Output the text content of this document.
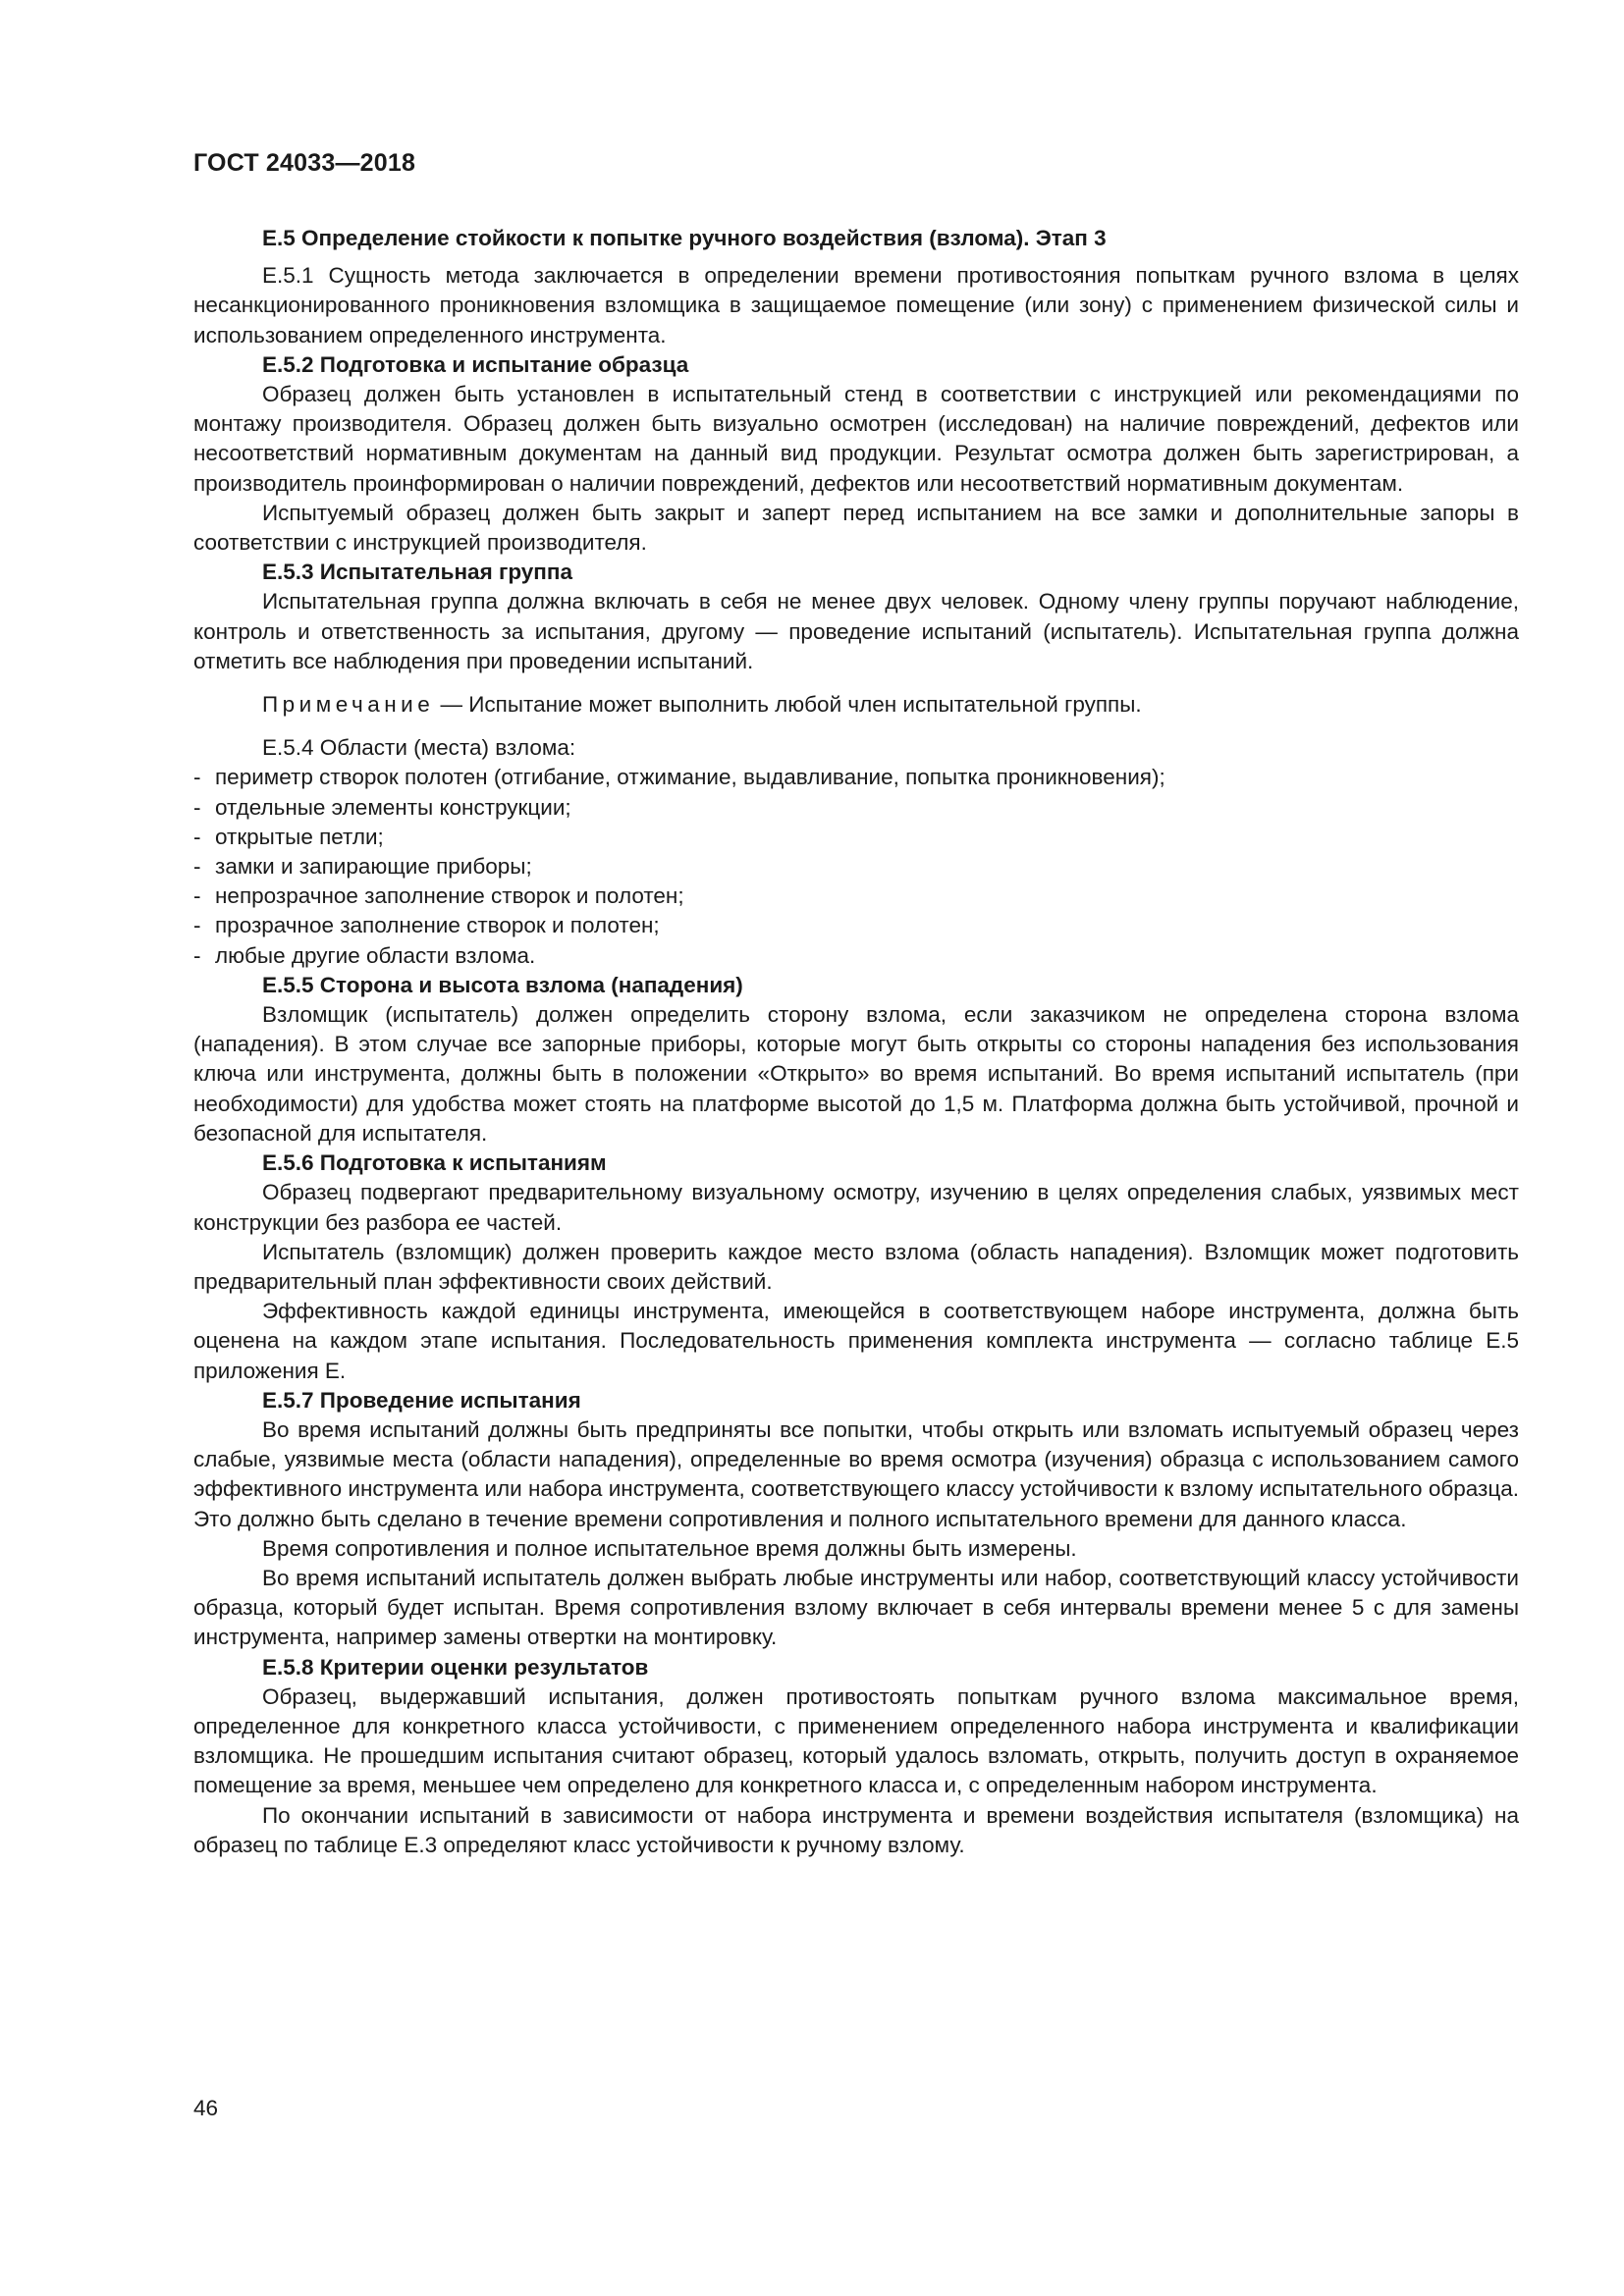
ГОСТ 24033—2018

Е.5 Определение стойкости к попытке ручного воздействия (взлома). Этап 3

Е.5.1 Сущность метода заключается в определении времени противостояния попыткам ручного взлома в целях несанкционированного проникновения взломщика в защищаемое помещение (или зону) с применением физической силы и использованием определенного инструмента.

Е.5.2 Подготовка и испытание образца

Образец должен быть установлен в испытательный стенд в соответствии с инструкцией или рекомендациями по монтажу производителя. Образец должен быть визуально осмотрен (исследован) на наличие повреждений, дефектов или несоответствий нормативным документам на данный вид продукции. Результат осмотра должен быть зарегистрирован, а производитель проинформирован о наличии повреждений, дефектов или несоответствий нормативным документам.

Испытуемый образец должен быть закрыт и заперт перед испытанием на все замки и дополнительные запоры в соответствии с инструкцией производителя.

Е.5.3 Испытательная группа

Испытательная группа должна включать в себя не менее двух человек. Одному члену группы поручают наблюдение, контроль и ответственность за испытания, другому — проведение испытаний (испытатель). Испытательная группа должна отметить все наблюдения при проведении испытаний.

Примечание — Испытание может выполнить любой член испытательной группы.

Е.5.4 Области (места) взлома:

- периметр створок полотен (отгибание, отжимание, выдавливание, попытка проникновения);
- отдельные элементы конструкции;
- открытые петли;
- замки и запирающие приборы;
- непрозрачное заполнение створок и полотен;
- прозрачное заполнение створок и полотен;
- любые другие области взлома.

Е.5.5 Сторона и высота взлома (нападения)

Взломщик (испытатель) должен определить сторону взлома, если заказчиком не определена сторона взлома (нападения). В этом случае все запорные приборы, которые могут быть открыты со стороны нападения без использования ключа или инструмента, должны быть в положении «Открыто» во время испытаний. Во время испытаний испытатель (при необходимости) для удобства может стоять на платформе высотой до 1,5 м. Платформа должна быть устойчивой, прочной и безопасной для испытателя.

Е.5.6 Подготовка к испытаниям

Образец подвергают предварительному визуальному осмотру, изучению в целях определения слабых, уязвимых мест конструкции без разбора ее частей.

Испытатель (взломщик) должен проверить каждое место взлома (область нападения). Взломщик может подготовить предварительный план эффективности своих действий.

Эффективность каждой единицы инструмента, имеющейся в соответствующем наборе инструмента, должна быть оценена на каждом этапе испытания. Последовательность применения комплекта инструмента — согласно таблице Е.5 приложения Е.

Е.5.7 Проведение испытания

Во время испытаний должны быть предприняты все попытки, чтобы открыть или взломать испытуемый образец через слабые, уязвимые места (области нападения), определенные во время осмотра (изучения) образца с использованием самого эффективного инструмента или набора инструмента, соответствующего классу устойчивости к взлому испытательного образца. Это должно быть сделано в течение времени сопротивления и полного испытательного времени для данного класса.

Время сопротивления и полное испытательное время должны быть измерены.

Во время испытаний испытатель должен выбрать любые инструменты или набор, соответствующий классу устойчивости образца, который будет испытан. Время сопротивления взлому включает в себя интервалы времени менее 5 с для замены инструмента, например замены отвертки на монтировку.

Е.5.8 Критерии оценки результатов

Образец, выдержавший испытания, должен противостоять попыткам ручного взлома максимальное время, определенное для конкретного класса устойчивости, с применением определенного набора инструмента и квалификации взломщика. Не прошедшим испытания считают образец, который удалось взломать, открыть, получить доступ в охраняемое помещение за время, меньшее чем определено для конкретного класса и, с определенным набором инструмента.

По окончании испытаний в зависимости от набора инструмента и времени воздействия испытателя (взломщика) на образец по таблице Е.3 определяют класс устойчивости к ручному взлому.

46
